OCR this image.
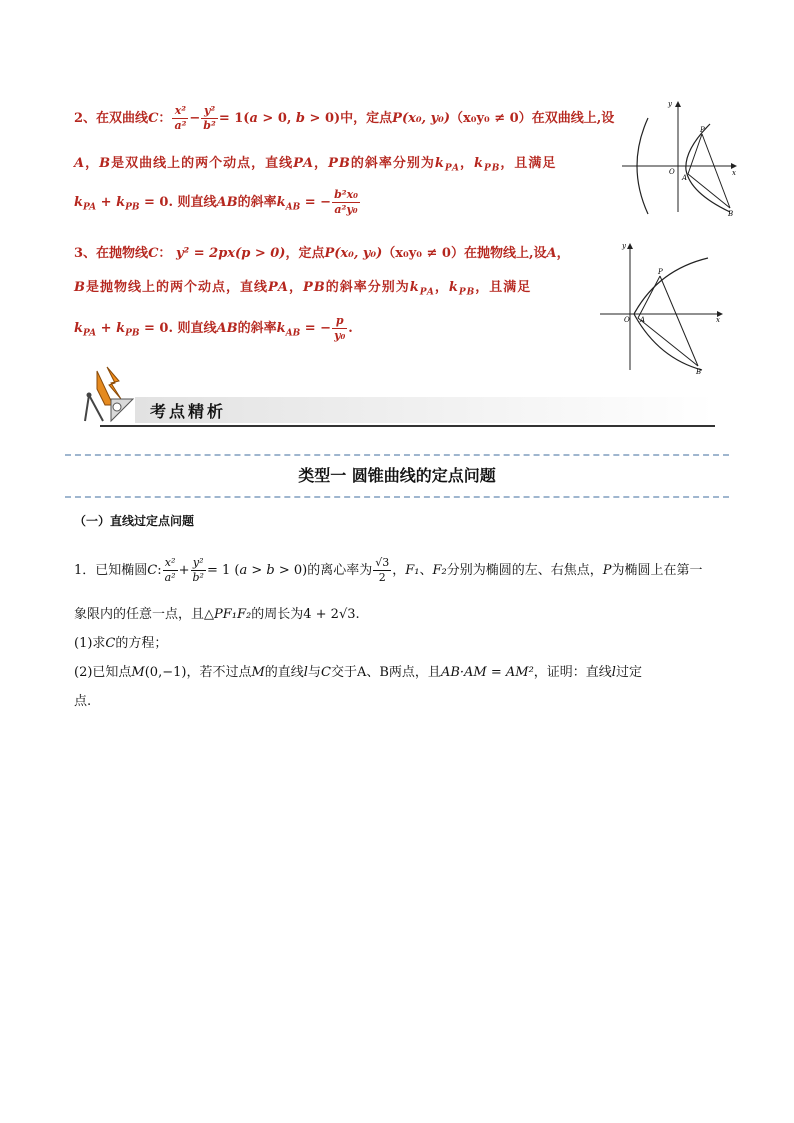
2、在双曲线C： $\frac{\text{x²}}{\text{a²}} - \frac{\text{y²}}{\text{b²}} = 1(a > 0$, b > 0)中，定点P(x₀, y₀)（x₀y₀ ≠ 0）在双曲线上,设
A，B是双曲线上的两个动点，直线PA，PB的斜率分别为$k_{PA}$，$k_{PB}$，且满足
$k_{PA} + k_{PB} = 0$. 则直线AB的斜率$k_{AB}$ = − $\frac{\text{b²x₀}}{\text{a²y₀}}$
y
x
O
P
A
B
3、在抛物线C： y² = 2px(p > 0)，定点P(x₀, y₀)（x₀y₀ ≠ 0）在抛物线上,设A，
B是抛物线上的两个动点，直线PA，PB的斜率分别为$k_{PA}$，$k_{PB}$，且满足
$k_{PA} + k_{PB} = 0$. 则直线AB的斜率$k_{AB}$ = − $\frac{p}{\text{y₀}}$ .
y
x
O
P
A
B
考点精析
类型一 圆锥曲线的定点问题
（一）直线过定点问题
1．已知椭圆C: $\frac{\text{x²}}{\text{a²}} + \frac{\text{y²}}{\text{b²}} = 1$ (a > b > 0)的离心率为 $\frac{√3}{2}$ ，F₁、F₂分别为椭圆的左、右焦点，P为椭圆上在第一
象限内的任意一点，且△PF₁F₂的周长为4 + 2√3.
(1)求C的方程；
(2)已知点M(0,−1)，若不过点M的直线l与C交于A、B两点，且AB·AM = AM²，证明：直线l过定
点.
